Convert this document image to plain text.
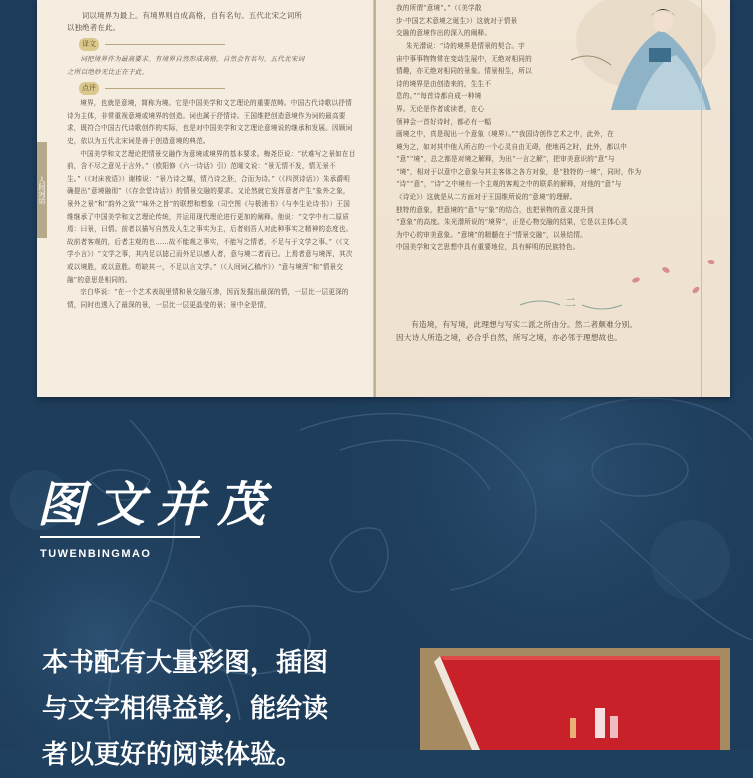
人间词话

词以境界为最上。有境界则自成高格，自有名句。五代北宋之词所

以独绝者在此。

译文

词把境界作为最高要求。有境界自然形成高格，自然会有名句。五代北宋词

之所以绝妙无比正在于此。

点评

境界，也就是意境，简称为境。它是中国美学和文艺理论的重要范畴。中国古代诗歌以抒情诗为主体，非常重视意境或境界的创造。词也属于抒情诗。王国维把创造意境作为词的最高要求，既符合中国古代诗歌创作的实际，也是对中国美学和文艺理论意境说的继承和发展。因顾词史，依以为五代北宋词是善于创造意境的典范。

中国美学和文艺理论把情景交融作为意境或境界的基本要求。梅尧臣说：“状难写之景如在目前，含不尽之意见于言外。”（欧阳修《六一诗话》引）范晞文说：“景无情不发，情无景不生。”（《对床夜语》）谢榛说：“景乃诗之媒，情乃诗之胚，合而为诗。”（《四溟诗话》）朱承爵明确提出“意境融彻”（《存余堂诗话》）的情景交融的要求。又论然就它发挥意者产生“象外之象，景外之景”和“韵外之致”“味外之旨”的联想和想象（司空图《与极浦书》《与李生论诗书》）王国维继承了中国美学和文艺理论传统，并运用现代理论进行更加的阐释。他说：“文学中有二原质焉：曰景，曰情。前者以描写自然及人生之事实为主，后者则吾人对此种事实之精神的态度也。故前者客观的，后者主观的也……故不能观之事实，不能写之情者，不足与于文学之事。”（《文学小言》）“文学之事，其内足以摅己而外足以感人者，意与境二者而已。上焉者意与境浑，其次或以境胜，或以意胜。苟缺其一，不足以言文学。”（《人间词乙稿序》）“意与境浑”和“情景交融”的意思是相同的。

宗白华说：“在一个艺术表现里情和景交融互渗，因而发掘出最深的情，一层比一层更深的情，同时也透入了最深的景，一层比一层更晶莹的景；景中全是情，

我的所谓“意境”。”（《美学散

步·中国艺术意境之诞生》）这就对于情景

交融的意境作出的深入的阐释。

朱光潜说：“诗的境界是情景的契合。宇

宙中事事物物常在变动生展中，无绝对相同的

情趣，亦无绝对相同的景象。情景相生，所以

诗的境界是由创造来的，生生不

息的。”“每首诗都自成一种境

界。无论是作者或读者，在心

领神会一首好诗时，都必有一幅

画境之中，真是现出一个意象（境界）。”“我国诗创作艺术之中，此外，在

境为之，如对其中他人所占的一个心灵自由无碍，使地再之时，此外，都以中

“意”“境”，总之都是对境之解释，为出“一言之解”，把审美意识的“意”与

“境”，相对于以意中之意象与其主客体之各方对象，是“独特的一境”，同时，作为

“诗”“意”，“诗”之中境有一个主观的客观之中的联系的解释，对他的“意”与

《诗论》）这就是从二方面对于王国维所说的“意境”的理解。

独特的意象，把意境的“意”与“象”的结合，也把景物的意义提升到

“意象”的高度。朱光潜所说的“境界”，正是心物交融的结果，它是以主体心灵

为中心的审美意象。“意境”的精髓在于“情景交融”，以景结情。

中国美学和文艺思想中具有重要地位，具有鲜明的民族特色。

二

有造境，有写境，此理想与写实二派之所由分。然二者颇难分别。

因大诗人所造之境，必合乎自然，所写之境，亦必邻于理想故也。

图文并茂
TUWENBINGMAO
本书配有大量彩图，插图
与文字相得益彰，能给读
者以更好的阅读体验。
